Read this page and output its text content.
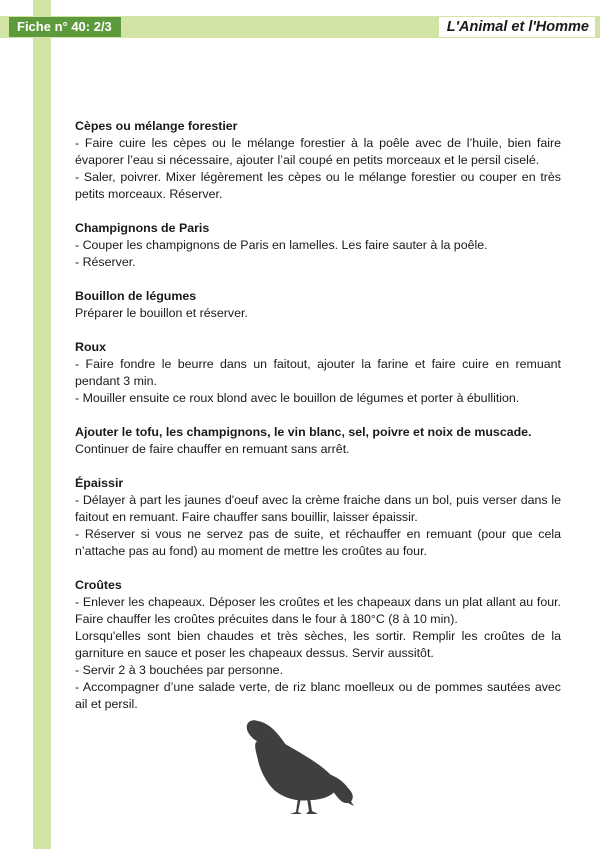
Fiche n° 40: 2/3	L'Animal et l'Homme
Cèpes ou mélange forestier
- Faire cuire les cèpes ou le mélange forestier à la poêle avec de l’huile, bien faire évaporer l’eau si nécessaire, ajouter l’ail coupé en petits morceaux et le persil ciselé.
- Saler, poivrer. Mixer légèrement les cèpes ou le mélange forestier ou couper en très petits morceaux. Réserver.
Champignons de Paris
- Couper les champignons de Paris en lamelles. Les faire sauter à la poêle.
- Réserver.
Bouillon de légumes
Préparer le bouillon et réserver.
Roux
- Faire fondre le beurre dans un faitout, ajouter la farine et faire cuire en remuant pendant 3 min.
- Mouiller ensuite ce roux blond avec le bouillon de légumes et porter à ébullition.
Ajouter le tofu, les champignons, le vin blanc, sel, poivre et noix de muscade.
Continuer de faire chauffer en remuant sans arrêt.
Épaissir
- Délayer à part les jaunes d'oeuf avec la crème fraiche dans un bol, puis verser dans le faitout en remuant. Faire chauffer sans bouillir, laisser épaissir.
- Réserver si vous ne servez pas de suite, et réchauffer en remuant (pour que cela n’attache pas au fond) au moment de mettre les croûtes au four.
Croûtes
- Enlever les chapeaux. Déposer les croûtes et les chapeaux dans un plat allant au four. Faire chauffer les croûtes précuites dans le four à 180°C (8 à 10 min).
Lorsqu'elles sont bien chaudes et très sèches, les sortir. Remplir les croûtes de la garniture en sauce et poser les chapeaux dessus. Servir aussitôt.
- Servir 2 à 3 bouchées par personne.
- Accompagner d’une salade verte, de riz blanc moelleux ou de pommes sautées avec ail et persil.
